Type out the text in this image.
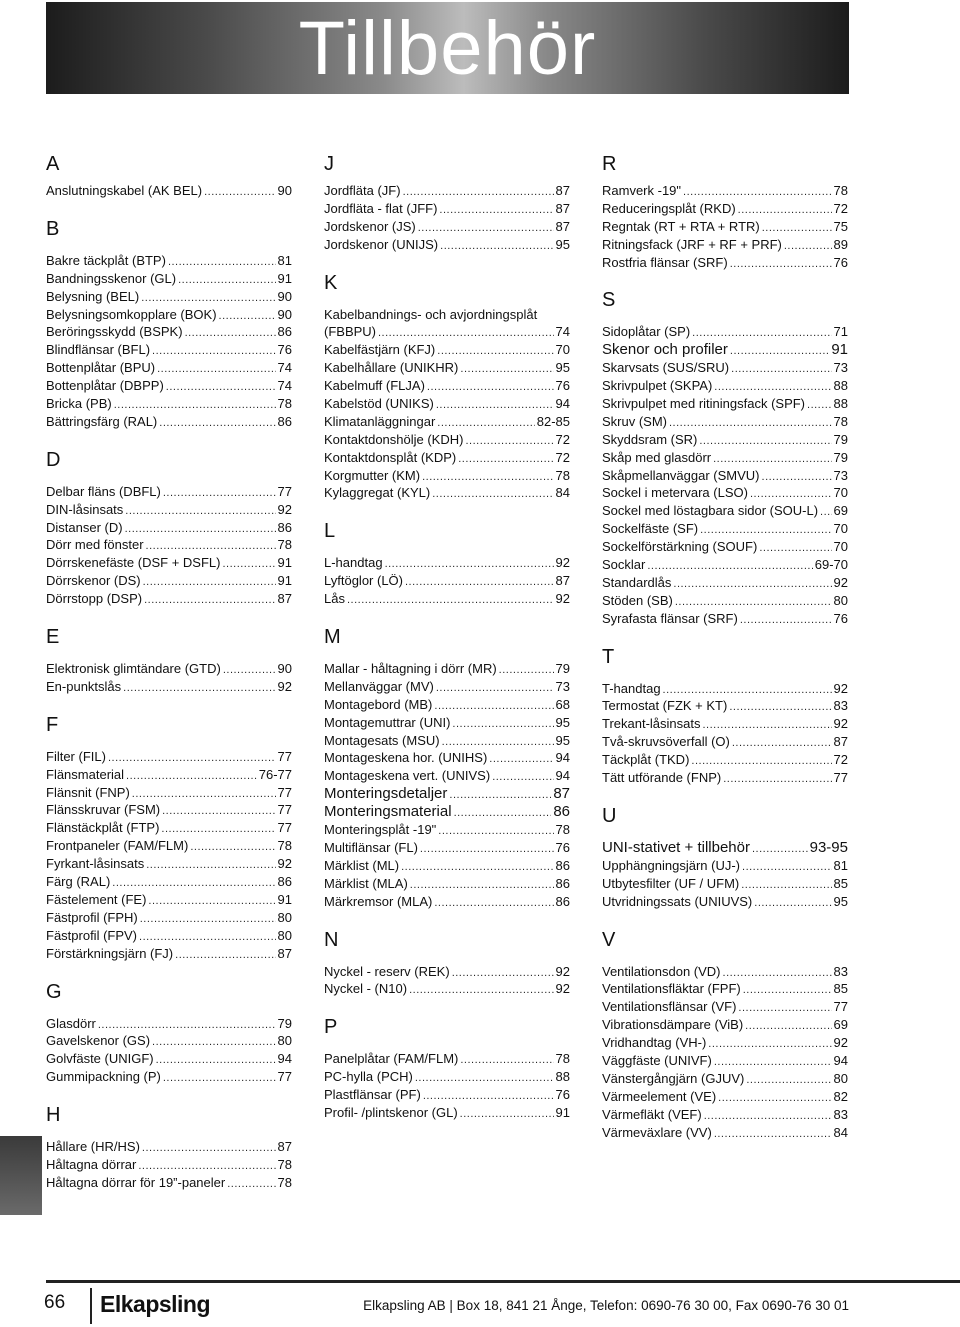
Tillbehör
A
Anslutningskabel (AK BEL) .....	90
B
Bakre täckplåt (BTP) .....	81
Bandningsskenor (GL) .....	91
Belysning (BEL) .....	90
Belysningsomkopplare (BOK) .....	90
Beröringsskydd (BSPK) .....	86
Blindflänsar (BFL) .....	76
Bottenplåtar (BPU) .....	74
Bottenplåtar (DBPP) .....	74
Bricka (PB) .....	78
Bättringsfärg (RAL) .....	86
D
Delbar fläns (DBFL) .....	77
DIN-låsinsats .....	92
Distanser (D) .....	86
Dörr med fönster .....	78
Dörrskenefäste (DSF + DSFL) .....	91
Dörrskenor (DS) .....	91
Dörrstopp (DSP) .....	87
E
Elektronisk glimtändare (GTD) .....	90
En-punktslås .....	92
F
Filter (FIL) .....	77
Flänsmaterial .....	76-77
Flänsnit (FNP) .....	77
Flänsskruvar (FSM) .....	77
Flänstäckplåt (FTP) .....	77
Frontpaneler (FAM/FLM) .....	78
Fyrkant-låsinsats .....	92
Färg (RAL) .....	86
Fästelement (FE) .....	91
Fästprofil (FPH) .....	80
Fästprofil (FPV) .....	80
Förstärkningsjärn (FJ) .....	87
G
Glasdörr .....	79
Gavelskenor (GS) .....	80
Golvfäste (UNIGF) .....	94
Gummipackning (P) .....	77
H
Hållare (HR/HS) .....	87
Håltagna dörrar .....	78
Håltagna dörrar för 19”-paneler .....	78
J
Jordfläta (JF) .....	87
Jordfläta - flat (JFF) .....	87
Jordskenor (JS) .....	87
Jordskenor (UNIJS) .....	95
K
Kabelbandnings- och avjordningsplåt
(FBBPU) .....	74
Kabelfästjärn (KFJ) .....	70
Kabelhållare (UNIKHR) .....	95
Kabelmuff (FLJA) .....	76
Kabelstöd (UNIKS) .....	94
Klimatanläggningar .....	82-85
Kontaktdonshölje (KDH) .....	72
Kontaktdonsplåt (KDP) .....	72
Korgmutter (KM) .....	78
Kylaggregat (KYL) .....	84
L
L-handtag .....	92
Lyftöglor (LÖ) .....	87
Lås .....	92
M
Mallar - håltagning i dörr (MR) .....	79
Mellanväggar (MV) .....	73
Montagebord (MB) .....	68
Montagemuttrar (UNI) .....	95
Montagesats (MSU) .....	95
Montageskena hor. (UNIHS) .....	94
Montageskena vert. (UNIVS) .....	94
Monteringsdetaljer .....	87
Monteringsmaterial .....	86
Monteringsplåt -19" .....	78
Multiflänsar (FL) .....	76
Märklist (ML) .....	86
Märklist (MLA) .....	86
Märkremsor (MLA) .....	86
N
Nyckel - reserv (REK) .....	92
Nyckel - (N10) .....	92
P
Panelplåtar (FAM/FLM) .....	78
PC-hylla (PCH) .....	88
Plastflänsar (PF) .....	76
Profil- /plintskenor (GL) .....	91
R
Ramverk -19" .....	78
Reduceringsplåt (RKD) .....	72
Regntak (RT + RTA + RTR) .....	75
Ritningsfack (JRF + RF + PRF) .....	89
Rostfria flänsar (SRF) .....	76
S
Sidoplåtar (SP) .....	71
Skenor och profiler .....	91
Skarvsats (SUS/SRU) .....	73
Skrivpulpet (SKPA) .....	88
Skrivpulpet med ritiningsfack (SPF) ..... 88
Skruv (SM) .....	78
Skyddsram (SR) .....	79
Skåp med glasdörr .....	79
Skåpmellanväggar (SMVU) .....	73
Sockel i metervara (LSO) .....	70
Sockel med löstagbara sidor (SOU-L) ..... 69
Sockelfäste (SF) .....	70
Sockelförstärkning (SOUF) .....	70
Socklar .....	69-70
Standardlås .....	92
Stöden (SB) .....	80
Syrafasta flänsar (SRF) .....	76
T
T-handtag .....	92
Termostat (FZK + KT) .....	83
Trekant-låsinsats .....	92
Två-skruvsöverfall (O) .....	87
Täckplåt (TKD) .....	72
Tätt utförande (FNP) .....	77
U
UNI-stativet + tillbehör .....	93-95
Upphängningsjärn (UJ-) .....	81
Utbytesfilter (UF / UFM) .....	85
Utvridningssats (UNIUVS) .....	95
V
Ventilationsdon (VD) .....	83
Ventilationsfläktar (FPF) .....	85
Ventilationsflänsar (VF) .....	77
Vibrationsdämpare (ViB) .....	69
Vridhandtag (VH-) .....	92
Väggfäste (UNIVF) .....	94
Vänstergångjärn (GJUV) .....	80
Värmeelement (VE) .....	82
Värmefläkt (VEF) .....	83
Värmeväxlare (VV) .....	84
66 Elkapsling	Elkapsling AB | Box 18, 841 21 Ånge, Telefon: 0690-76 30 00, Fax 0690-76 30 01
